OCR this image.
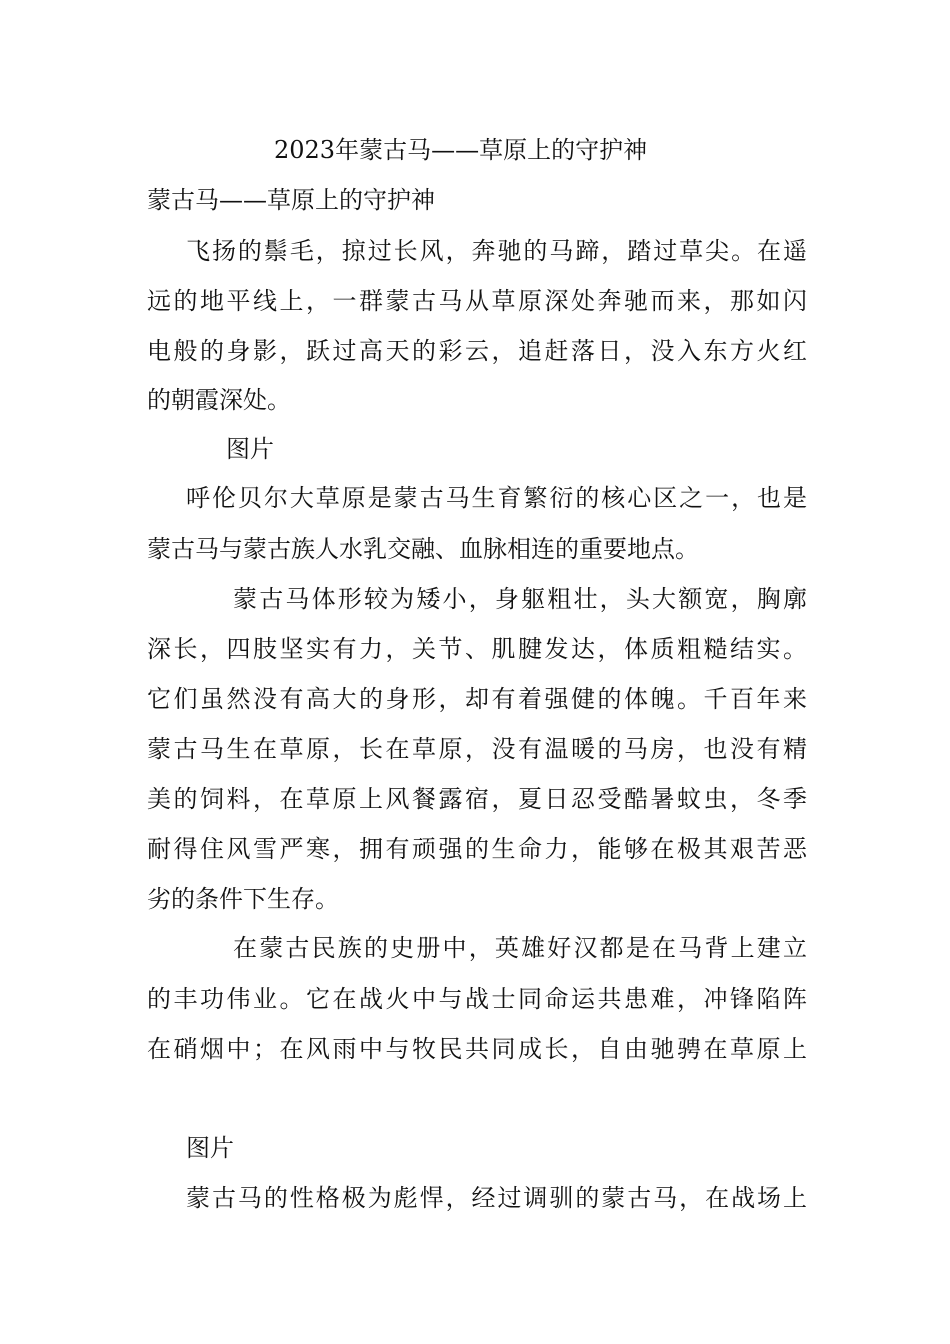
2023年蒙古马——草原上的守护神
蒙古马——草原上的守护神
飞扬的鬃毛，掠过长风，奔驰的马蹄，踏过草尖。在遥
远的地平线上，一群蒙古马从草原深处奔驰而来，那如闪
电般的身影，跃过高天的彩云，追赶落日，没入东方火红
的朝霞深处。
图片
呼伦贝尔大草原是蒙古马生育繁衍的核心区之一，也是
蒙古马与蒙古族人水乳交融、血脉相连的重要地点。
蒙古马体形较为矮小，身躯粗壮，头大额宽，胸廓
深长，四肢坚实有力，关节、肌腱发达，体质粗糙结实。
它们虽然没有高大的身形，却有着强健的体魄。千百年来
蒙古马生在草原，长在草原，没有温暖的马房，也没有精
美的饲料，在草原上风餐露宿，夏日忍受酷暑蚊虫，冬季
耐得住风雪严寒，拥有顽强的生命力，能够在极其艰苦恶
劣的条件下生存。
在蒙古民族的史册中，英雄好汉都是在马背上建立
的丰功伟业。它在战火中与战士同命运共患难，冲锋陷阵
在硝烟中；在风雨中与牧民共同成长，自由驰骋在草原上
图片
蒙古马的性格极为彪悍，经过调驯的蒙古马，在战场上
